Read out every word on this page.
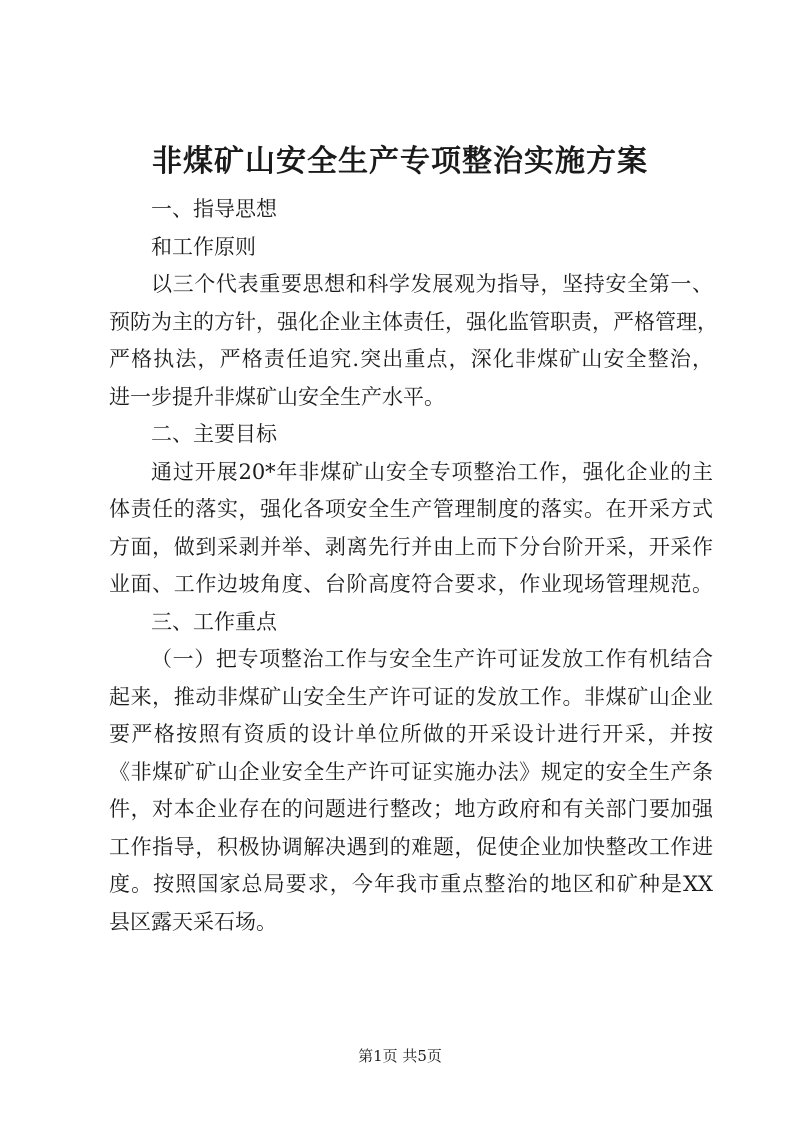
非煤矿山安全生产专项整治实施方案
一、指导思想
和工作原则
以三个代表重要思想和科学发展观为指导，坚持安全第一、
预防为主的方针，强化企业主体责任，强化监管职责，严格管理，
严格执法，严格责任追究.突出重点，深化非煤矿山安全整治，
进一步提升非煤矿山安全生产水平。
二、主要目标
通过开展20*年非煤矿山安全专项整治工作，强化企业的主
体责任的落实，强化各项安全生产管理制度的落实。在开采方式
方面，做到采剥并举、剥离先行并由上而下分台阶开采，开采作
业面、工作边坡角度、台阶高度符合要求，作业现场管理规范。
三、工作重点
（一）把专项整治工作与安全生产许可证发放工作有机结合
起来，推动非煤矿山安全生产许可证的发放工作。非煤矿山企业
要严格按照有资质的设计单位所做的开采设计进行开采，并按
《非煤矿矿山企业安全生产许可证实施办法》规定的安全生产条
件，对本企业存在的问题进行整改；地方政府和有关部门要加强
工作指导，积极协调解决遇到的难题，促使企业加快整改工作进
度。按照国家总局要求，今年我市重点整治的地区和矿种是XX
县区露天采石场。
第1页 共5页
